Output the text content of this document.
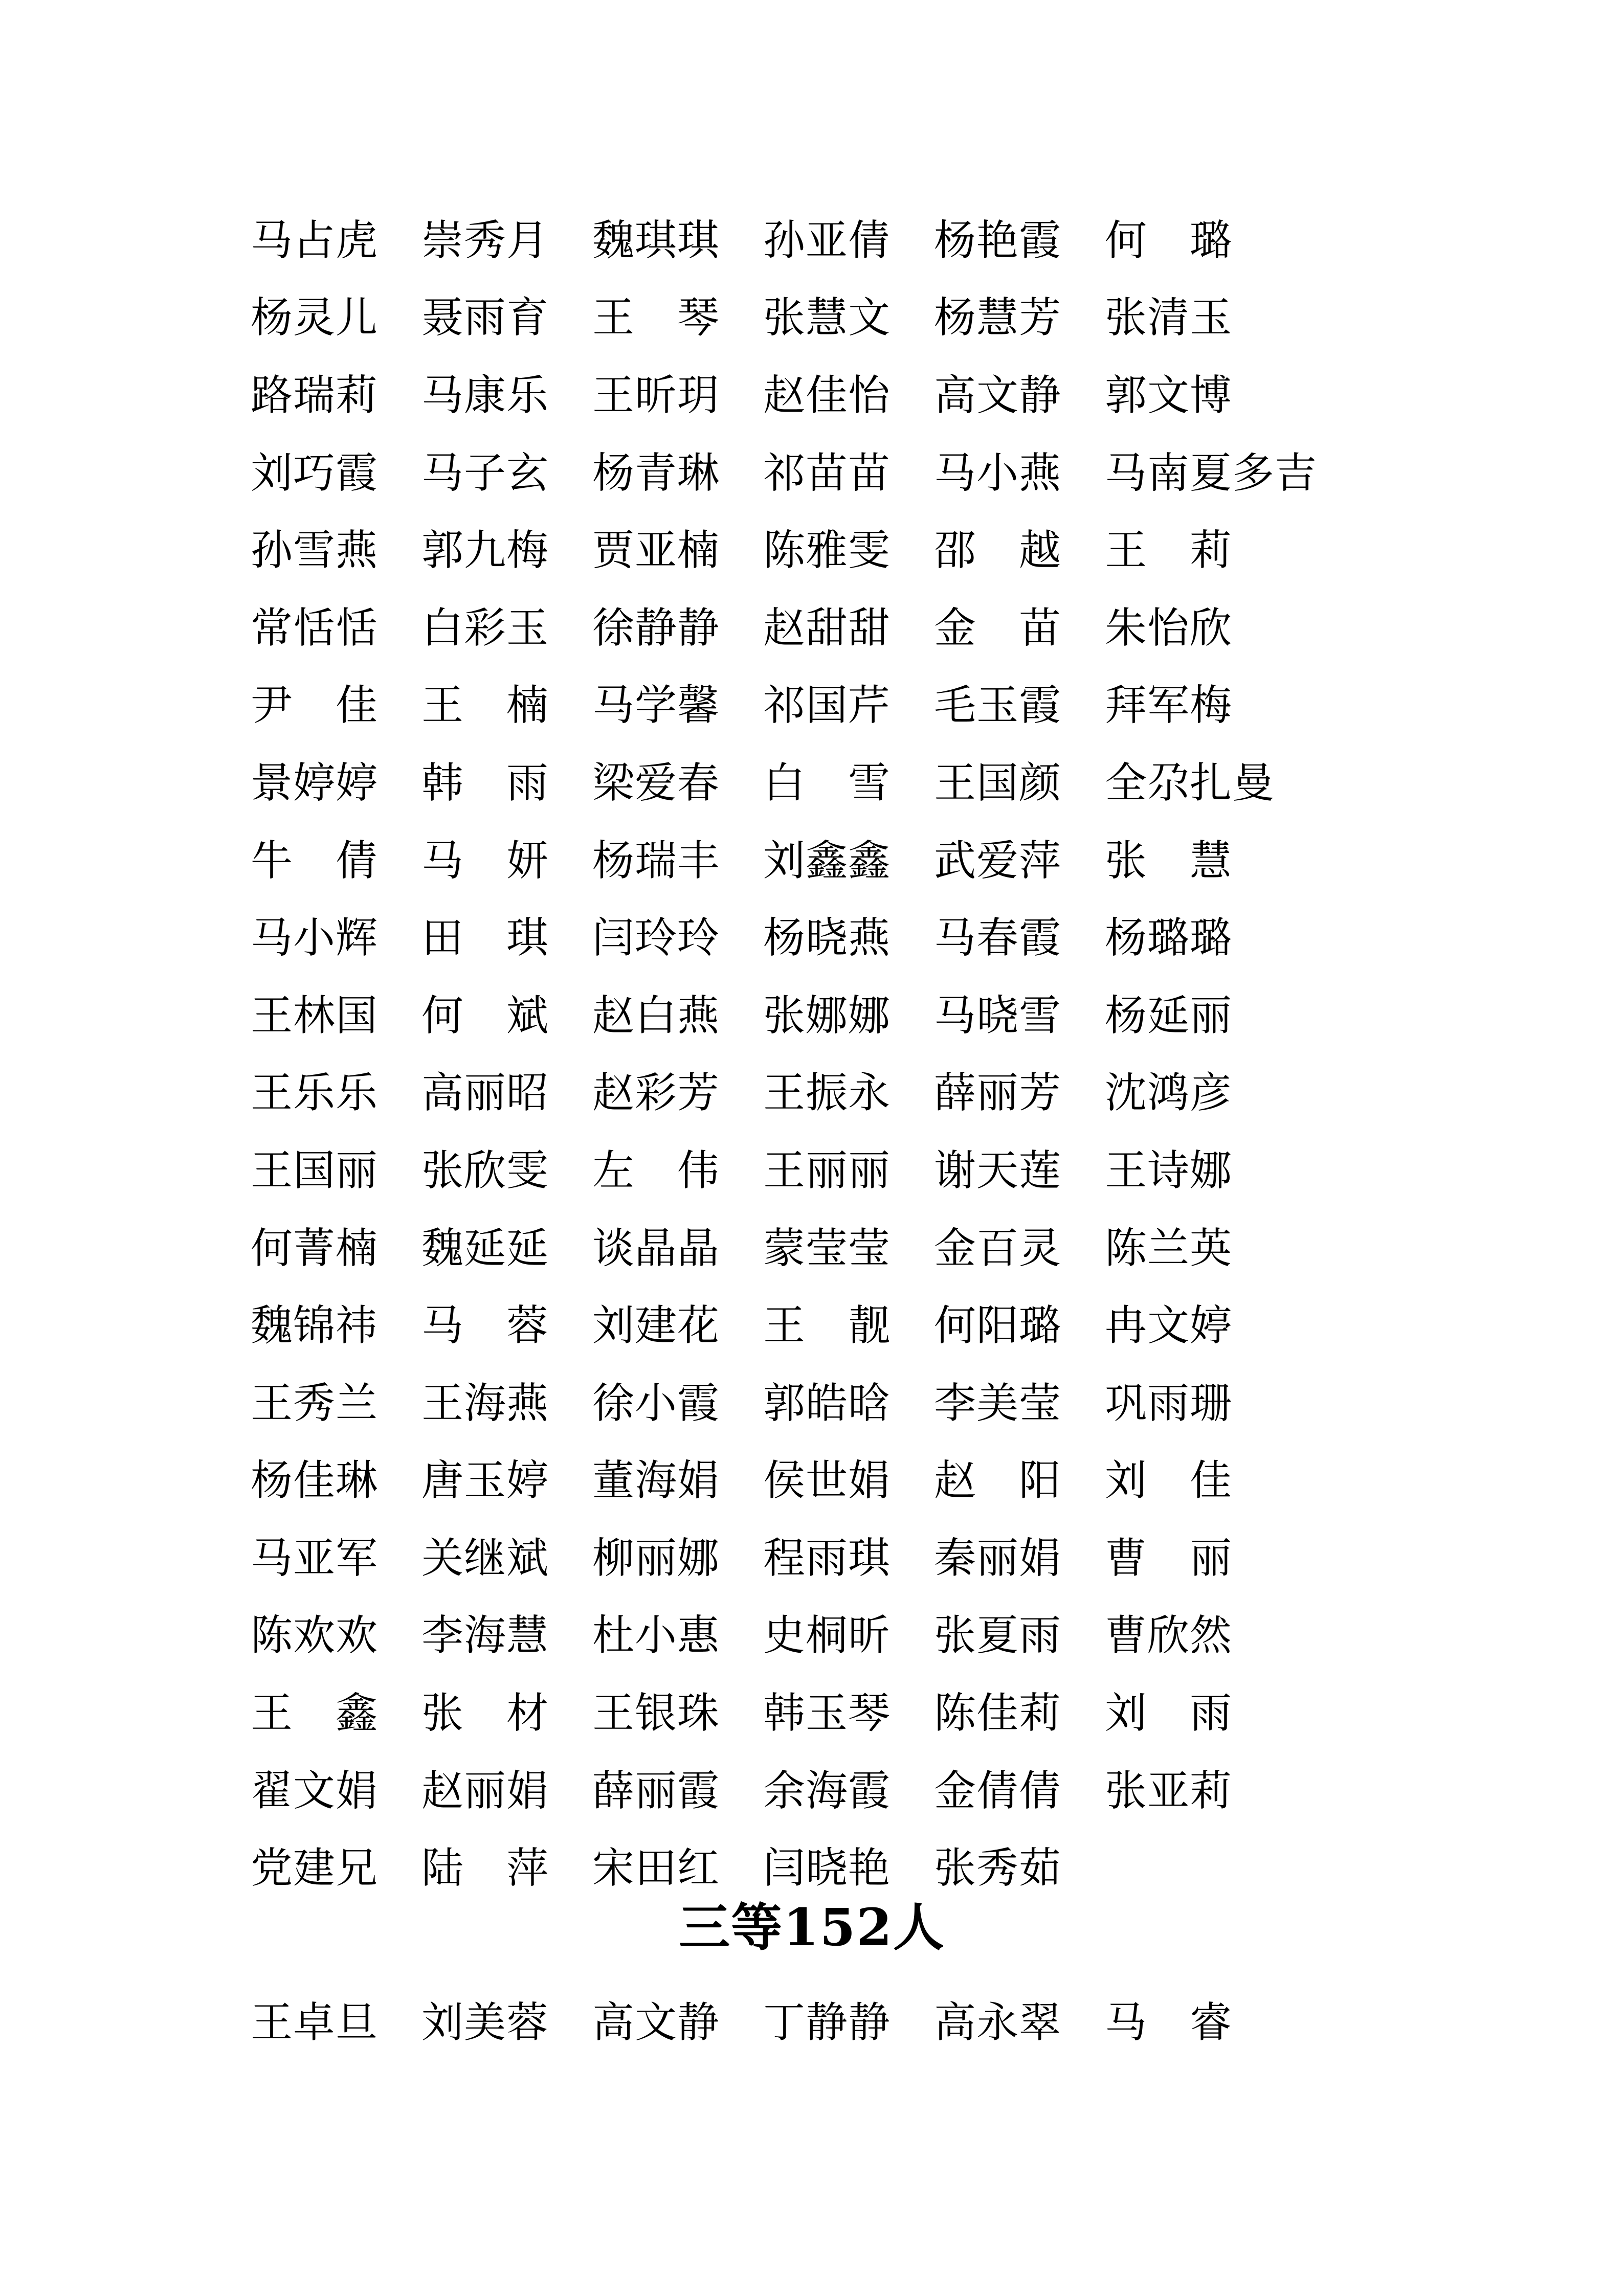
马占虎	崇秀月	魏琪琪	孙亚倩	杨艳霞	何　璐
杨灵儿	聂雨育	王　琴	张慧文	杨慧芳	张清玉
路瑞莉	马康乐	王昕玥	赵佳怡	高文静	郭文博
刘巧霞	马子玄	杨青琳	祁苗苗	马小燕	马南夏多吉
孙雪燕	郭九梅	贾亚楠	陈雅雯	邵　越	王　莉
常恬恬	白彩玉	徐静静	赵甜甜	金　苗	朱怡欣
尹　佳	王　楠	马学馨	祁国芹	毛玉霞	拜军梅
景婷婷	韩　雨	梁爱春	白　雪	王国颜	全尕扎曼
牛　倩	马　妍	杨瑞丰	刘鑫鑫	武爱萍	张　慧
马小辉	田　琪	闫玲玲	杨晓燕	马春霞	杨璐璐
王林国	何　斌	赵白燕	张娜娜	马晓雪	杨延丽
王乐乐	高丽昭	赵彩芳	王振永	薛丽芳	沈鸿彦
王国丽	张欣雯	左　伟	王丽丽	谢天莲	王诗娜
何菁楠	魏延延	谈晶晶	蒙莹莹	金百灵	陈兰英
魏锦祎	马　蓉	刘建花	王　靓	何阳璐	冉文婷
王秀兰	王海燕	徐小霞	郭皓晗	李美莹	巩雨珊
杨佳琳	唐玉婷	董海娟	侯世娟	赵　阳	刘　佳
马亚军	关继斌	柳丽娜	程雨琪	秦丽娟	曹　丽
陈欢欢	李海慧	杜小惠	史桐昕	张夏雨	曹欣然
王　鑫	张　材	王银珠	韩玉琴	陈佳莉	刘　雨
翟文娟	赵丽娟	薛丽霞	余海霞	金倩倩	张亚莉
党建兄	陆　萍	宋田红	闫晓艳	张秀茹
三等152人
王卓旦	刘美蓉	高文静	丁静静	高永翠	马　睿
